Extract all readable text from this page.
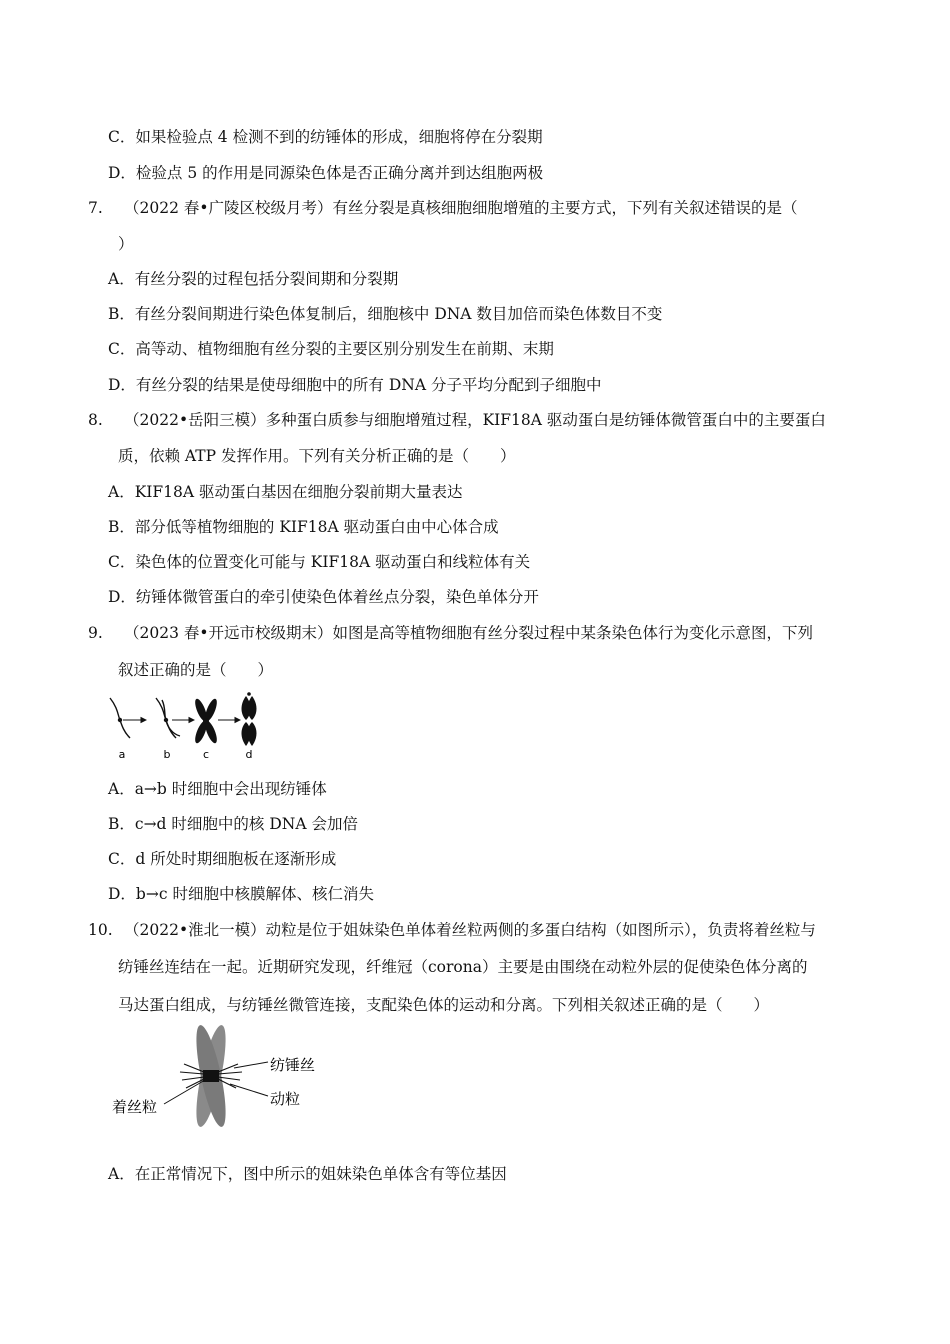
C．如果检验点 4 检测不到的纺锤体的形成，细胞将停在分裂期
D．检验点 5 的作用是同源染色体是否正确分离并到达组胞两极
7. （2022 春•广陵区校级月考）有丝分裂是真核细胞细胞增殖的主要方式，下列有关叙述错误的是（
）
A．有丝分裂的过程包括分裂间期和分裂期
B．有丝分裂间期进行染色体复制后，细胞核中 DNA 数目加倍而染色体数目不变
C．高等动、植物细胞有丝分裂的主要区别分别发生在前期、末期
D．有丝分裂的结果是使母细胞中的所有 DNA 分子平均分配到子细胞中
8. （2022•岳阳三模）多种蛋白质参与细胞增殖过程，KIF18A 驱动蛋白是纺锤体微管蛋白中的主要蛋白
质，依赖 ATP 发挥作用。下列有关分析正确的是（　　）
A．KIF18A 驱动蛋白基因在细胞分裂前期大量表达
B．部分低等植物细胞的 KIF18A 驱动蛋白由中心体合成
C．染色体的位置变化可能与 KIF18A 驱动蛋白和线粒体有关
D．纺锤体微管蛋白的牵引使染色体着丝点分裂，染色单体分开
9. （2023 春•开远市校级期末）如图是高等植物细胞有丝分裂过程中某条染色体行为变化示意图，下列
叙述正确的是（　　）
a	b	c	d
A．a→b 时细胞中会出现纺锤体
B．c→d 时细胞中的核 DNA 会加倍
C．d 所处时期细胞板在逐渐形成
D．b→c 时细胞中核膜解体、核仁消失
10. （2022•淮北一模）动粒是位于姐妹染色单体着丝粒两侧的多蛋白结构（如图所示），负责将着丝粒与
纺锤丝连结在一起。近期研究发现，纤维冠（corona）主要是由围绕在动粒外层的促使染色体分离的
马达蛋白组成，与纺锤丝微管连接，支配染色体的运动和分离。下列相关叙述正确的是（　　）
纺锤丝
动粒
着丝粒
A．在正常情况下，图中所示的姐妹染色单体含有等位基因
